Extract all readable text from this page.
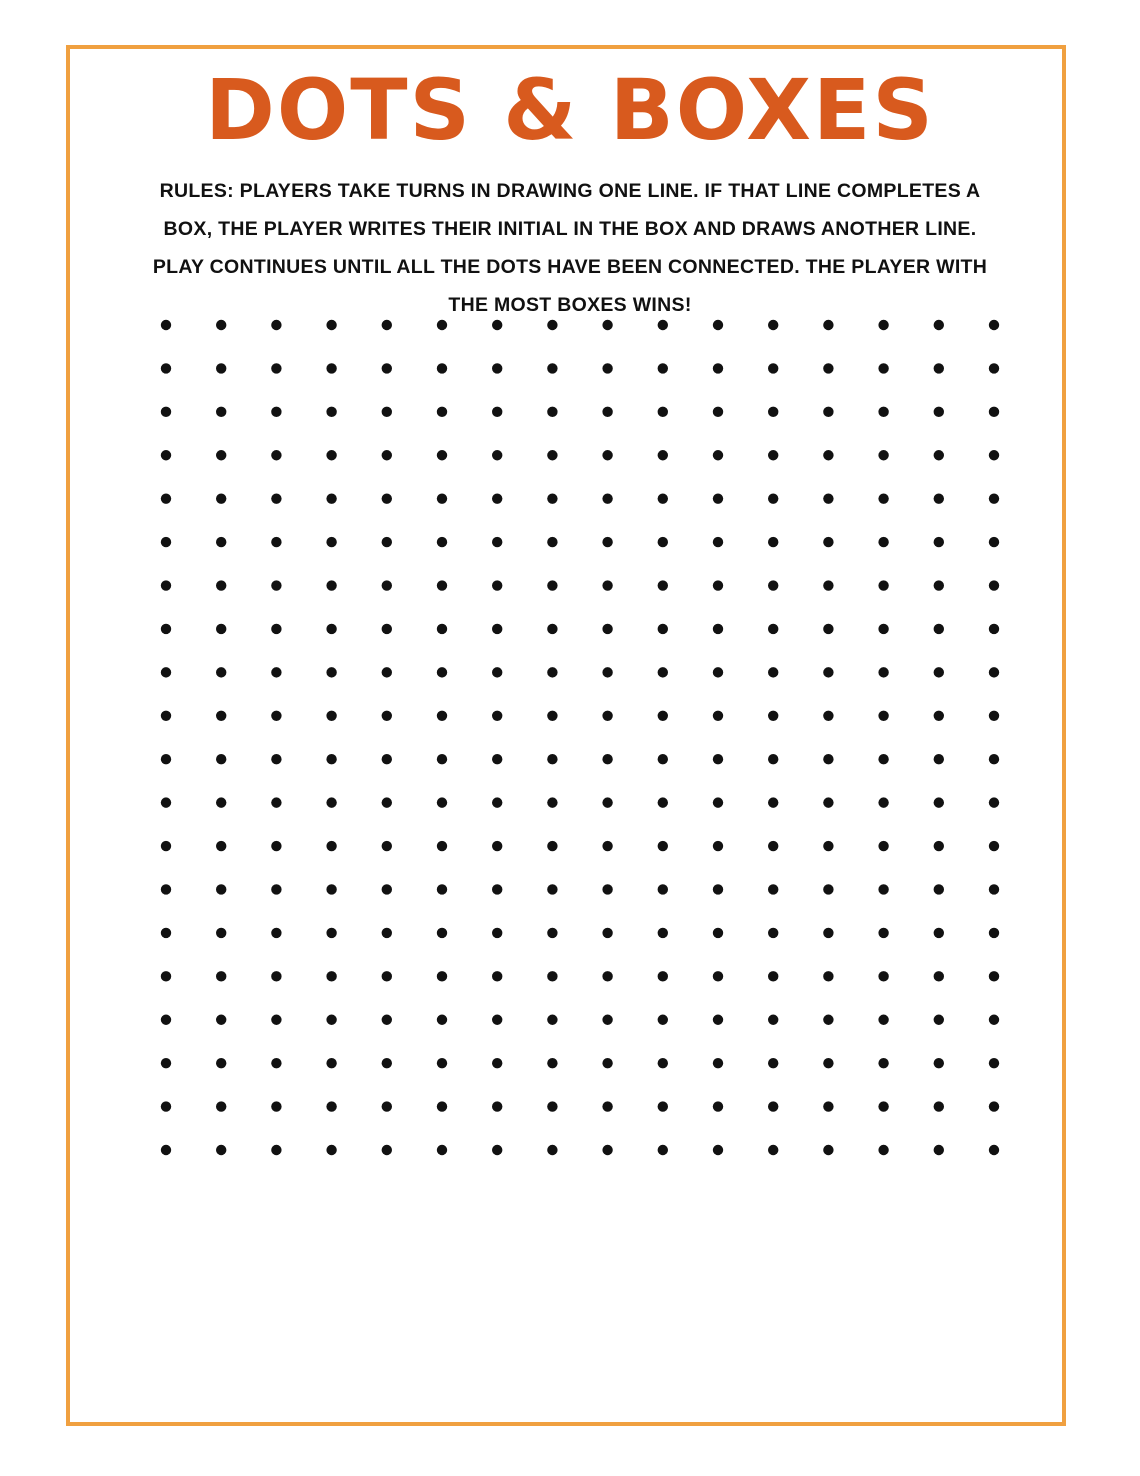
DOTS & BOXES

RULES: PLAYERS TAKE TURNS IN DRAWING ONE LINE. IF THAT LINE COMPLETES A BOX, THE PLAYER WRITES THEIR INITIAL IN THE BOX AND DRAWS ANOTHER LINE. PLAY CONTINUES UNTIL ALL THE DOTS HAVE BEEN CONNECTED. THE PLAYER WITH THE MOST BOXES WINS!
